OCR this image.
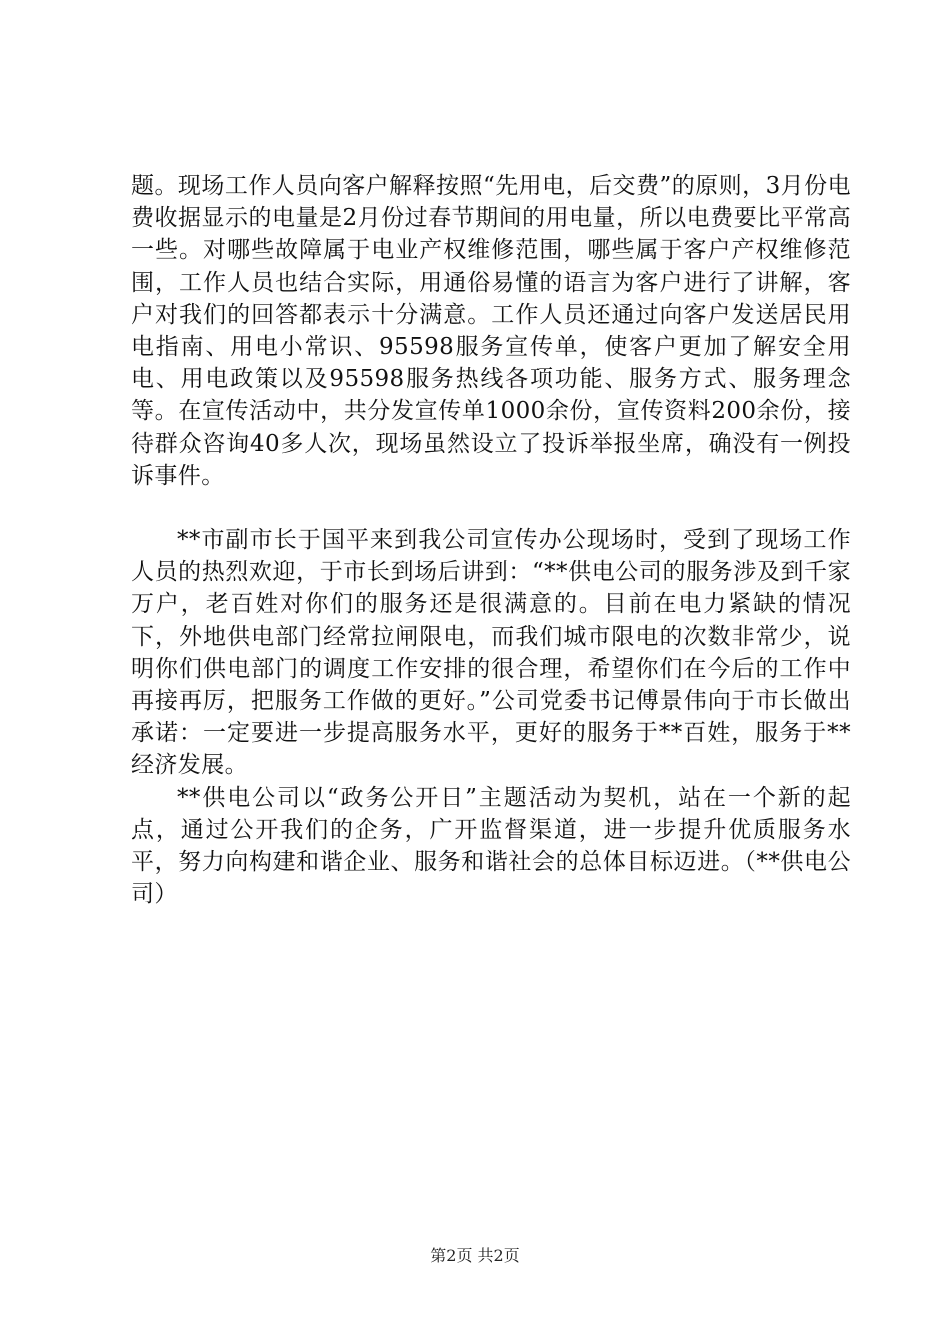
题。现场工作人员向客户解释按照“先用电，后交费”的原则，3月份电费收据显示的电量是2月份过春节期间的用电量，所以电费要比平常高一些。对哪些故障属于电业产权维修范围，哪些属于客户产权维修范围，工作人员也结合实际，用通俗易懂的语言为客户进行了讲解，客户对我们的回答都表示十分满意。工作人员还通过向客户发送居民用电指南、用电小常识、95598服务宣传单，使客户更加了解安全用电、用电政策以及95598服务热线各项功能、服务方式、服务理念等。在宣传活动中，共分发宣传单1000余份，宣传资料200余份，接待群众咨询40多人次，现场虽然设立了投诉举报坐席，确没有一例投诉事件。

**市副市长于国平来到我公司宣传办公现场时，受到了现场工作人员的热烈欢迎，于市长到场后讲到：“**供电公司的服务涉及到千家万户，老百姓对你们的服务还是很满意的。目前在电力紧缺的情况下，外地供电部门经常拉闸限电，而我们城市限电的次数非常少，说明你们供电部门的调度工作安排的很合理，希望你们在今后的工作中再接再厉，把服务工作做的更好。”公司党委书记傅景伟向于市长做出承诺：一定要进一步提高服务水平，更好的服务于**百姓，服务于**经济发展。

**供电公司以“政务公开日”主题活动为契机，站在一个新的起点，通过公开我们的企务，广开监督渠道，进一步提升优质服务水平，努力向构建和谐企业、服务和谐社会的总体目标迈进。（**供电公司）

第2页 共2页
